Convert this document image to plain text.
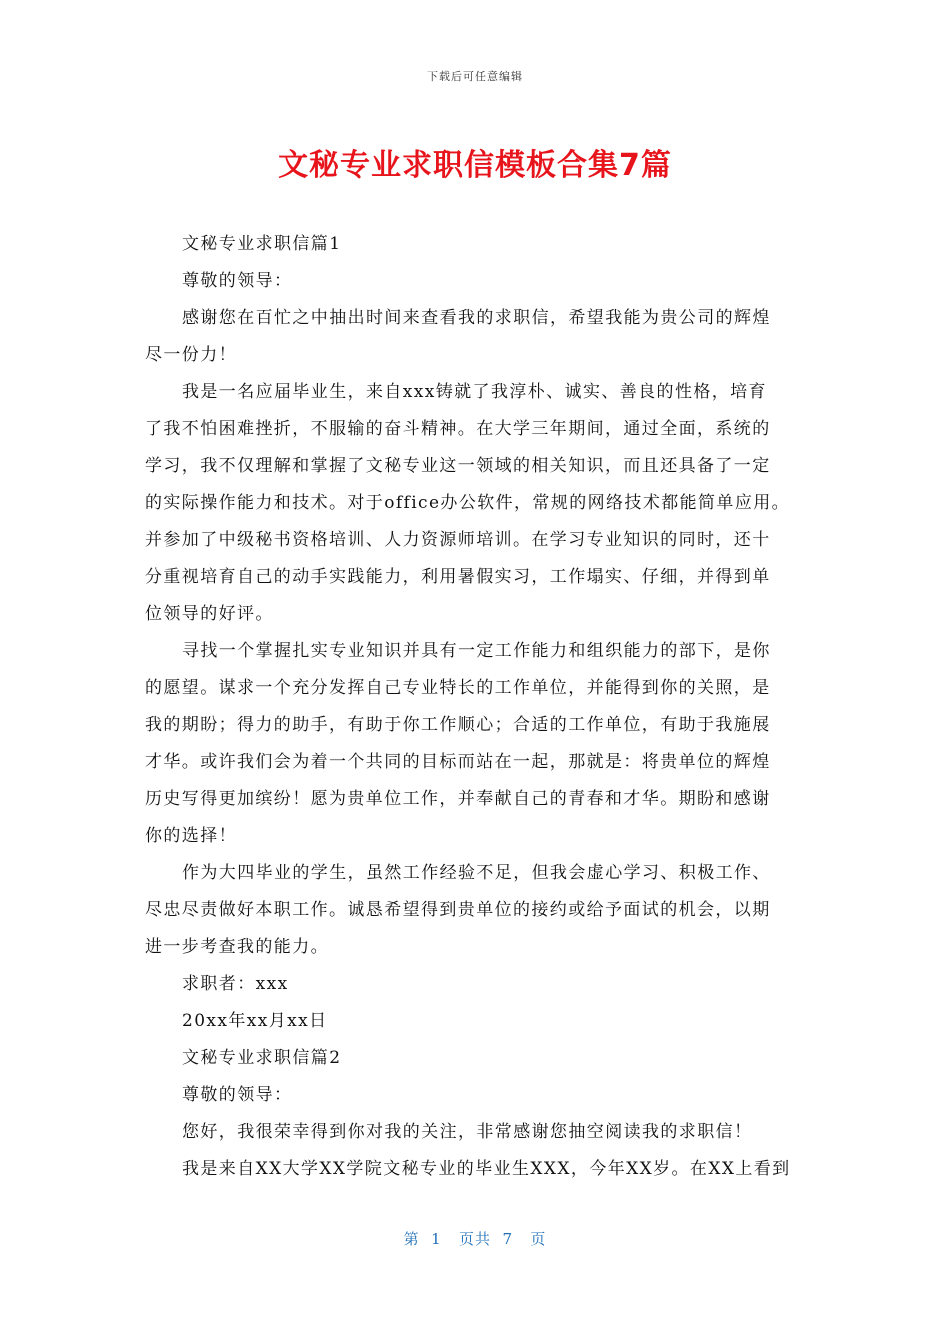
下载后可任意编辑
文秘专业求职信模板合集7篇
文秘专业求职信篇1
尊敬的领导：
感谢您在百忙之中抽出时间来查看我的求职信，希望我能为贵公司的辉煌
尽一份力！
我是一名应届毕业生，来自xxx铸就了我淳朴、诚实、善良的性格，培育
了我不怕困难挫折，不服输的奋斗精神。在大学三年期间，通过全面，系统的
学习，我不仅理解和掌握了文秘专业这一领域的相关知识，而且还具备了一定
的实际操作能力和技术。对于office办公软件，常规的网络技术都能简单应用。
并参加了中级秘书资格培训、人力资源师培训。在学习专业知识的同时，还十
分重视培育自己的动手实践能力，利用暑假实习，工作塌实、仔细，并得到单
位领导的好评。
寻找一个掌握扎实专业知识并具有一定工作能力和组织能力的部下，是你
的愿望。谋求一个充分发挥自己专业特长的工作单位，并能得到你的关照，是
我的期盼；得力的助手，有助于你工作顺心；合适的工作单位，有助于我施展
才华。或许我们会为着一个共同的目标而站在一起，那就是：将贵单位的辉煌
历史写得更加缤纷！愿为贵单位工作，并奉献自己的青春和才华。期盼和感谢
你的选择！
作为大四毕业的学生，虽然工作经验不足，但我会虚心学习、积极工作、
尽忠尽责做好本职工作。诚恳希望得到贵单位的接约或给予面试的机会，以期
进一步考查我的能力。
求职者：xxx
20xx年xx月xx日
文秘专业求职信篇2
尊敬的领导：
您好，我很荣幸得到你对我的关注，非常感谢您抽空阅读我的求职信！
我是来自XX大学XX学院文秘专业的毕业生XXX，今年XX岁。在XX上看到
第  1   页共  7   页
